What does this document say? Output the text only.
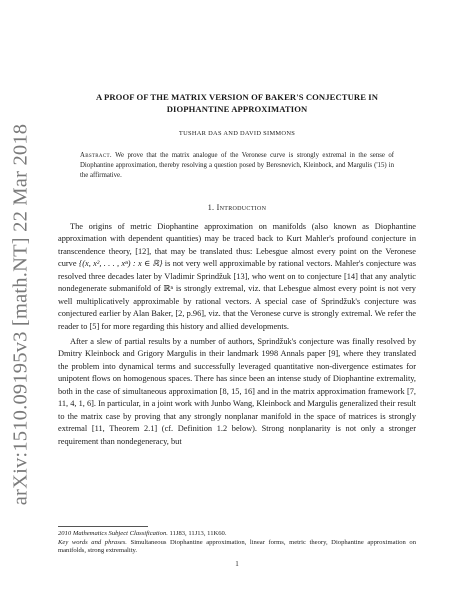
arXiv:1510.09195v3 [math.NT] 22 Mar 2018
A PROOF OF THE MATRIX VERSION OF BAKER'S CONJECTURE IN DIOPHANTINE APPROXIMATION
TUSHAR DAS AND DAVID SIMMONS
Abstract. We prove that the matrix analogue of the Veronese curve is strongly extremal in the sense of Diophantine approximation, thereby resolving a question posed by Beresnevich, Kleinbock, and Margulis ('15) in the affirmative.
1. Introduction

The origins of metric Diophantine approximation on manifolds (also known as Diophantine approximation with dependent quantities) may be traced back to Kurt Mahler's profound conjecture in transcendence theory, [12], that may be translated thus: Lebesgue almost every point on the Veronese curve {(x, x², . . . , xⁿ) : x ∈ ℝ} is not very well approximable by rational vectors. Mahler's conjecture was resolved three decades later by Vladimir Sprindžuk [13], who went on to conjecture [14] that any analytic nondegenerate submanifold of ℝⁿ is strongly extremal, viz. that Lebesgue almost every point is not very well multiplicatively approximable by rational vectors. A special case of Sprindžuk's conjecture was conjectured earlier by Alan Baker, [2, p.96], viz. that the Veronese curve is strongly extremal. We refer the reader to [5] for more regarding this history and allied developments.

After a slew of partial results by a number of authors, Sprindžuk's conjecture was finally resolved by Dmitry Kleinbock and Grigory Margulis in their landmark 1998 Annals paper [9], where they translated the problem into dynamical terms and successfully leveraged quantitative non-divergence estimates for unipotent flows on homogenous spaces. There has since been an intense study of Diophantine extremality, both in the case of simultaneous approximation [8, 15, 16] and in the matrix approximation framework [7, 11, 4, 1, 6]. In particular, in a joint work with Junbo Wang, Kleinbock and Margulis generalized their result to the matrix case by proving that any strongly nonplanar manifold in the space of matrices is strongly extremal [11, Theorem 2.1] (cf. Definition 1.2 below). Strong nonplanarity is not only a stronger requirement than nondegeneracy, but

2010 Mathematics Subject Classification. 11J83, 11J13, 11K60.

Key words and phrases. Simultaneous Diophantine approximation, linear forms, metric theory, Diophantine approximation on manifolds, strong extremality.

1
